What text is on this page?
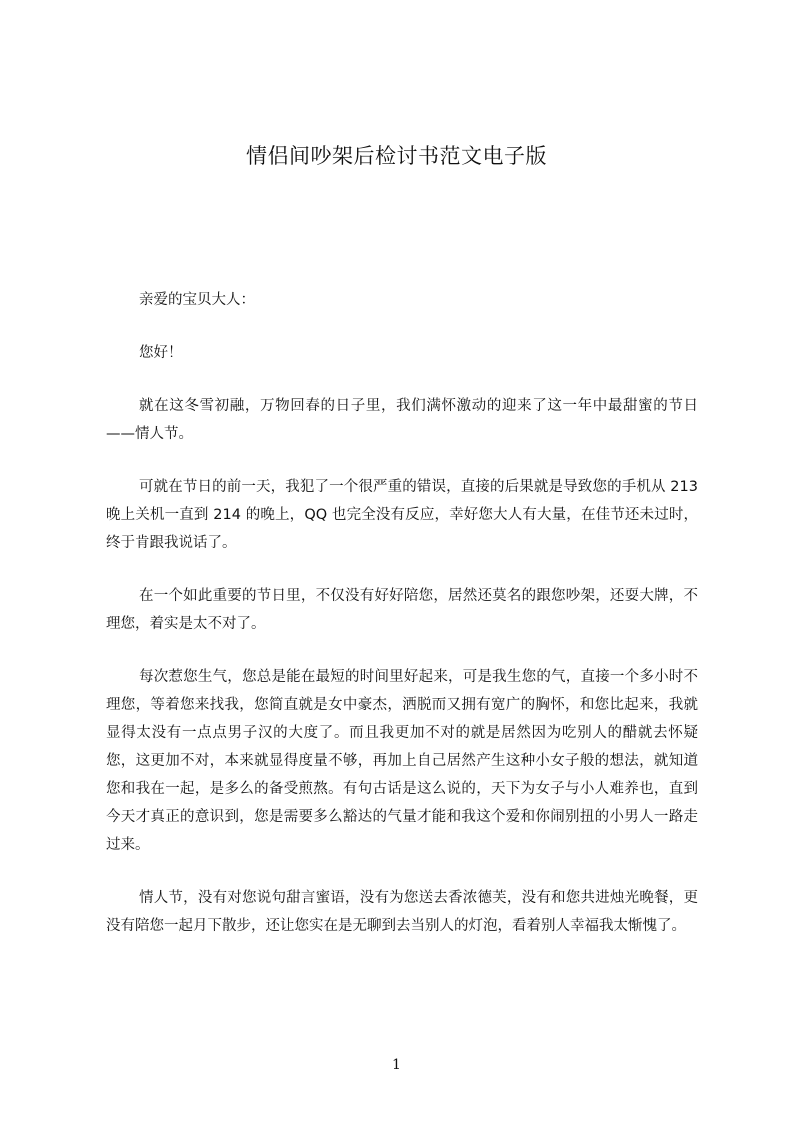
情侣间吵架后检讨书范文电子版

亲爱的宝贝大人：

您好！

就在这冬雪初融，万物回春的日子里，我们满怀激动的迎来了这一年中最甜蜜的节日——情人节。

可就在节日的前一天，我犯了一个很严重的错误，直接的后果就是导致您的手机从 213 晚上关机一直到 214 的晚上，QQ 也完全没有反应，幸好您大人有大量，在佳节还未过时，终于肯跟我说话了。

在一个如此重要的节日里，不仅没有好好陪您，居然还莫名的跟您吵架，还耍大牌，不理您，着实是太不对了。

每次惹您生气，您总是能在最短的时间里好起来，可是我生您的气，直接一个多小时不理您，等着您来找我，您简直就是女中豪杰，洒脱而又拥有宽广的胸怀，和您比起来，我就显得太没有一点点男子汉的大度了。而且我更加不对的就是居然因为吃别人的醋就去怀疑您，这更加不对，本来就显得度量不够，再加上自己居然产生这种小女子般的想法，就知道您和我在一起，是多么的备受煎熬。有句古话是这么说的，天下为女子与小人难养也，直到今天才真正的意识到，您是需要多么豁达的气量才能和我这个爱和你闹别扭的小男人一路走过来。

情人节，没有对您说句甜言蜜语，没有为您送去香浓德芙，没有和您共进烛光晚餐，更没有陪您一起月下散步，还让您实在是无聊到去当别人的灯泡，看着别人幸福我太惭愧了。

1
